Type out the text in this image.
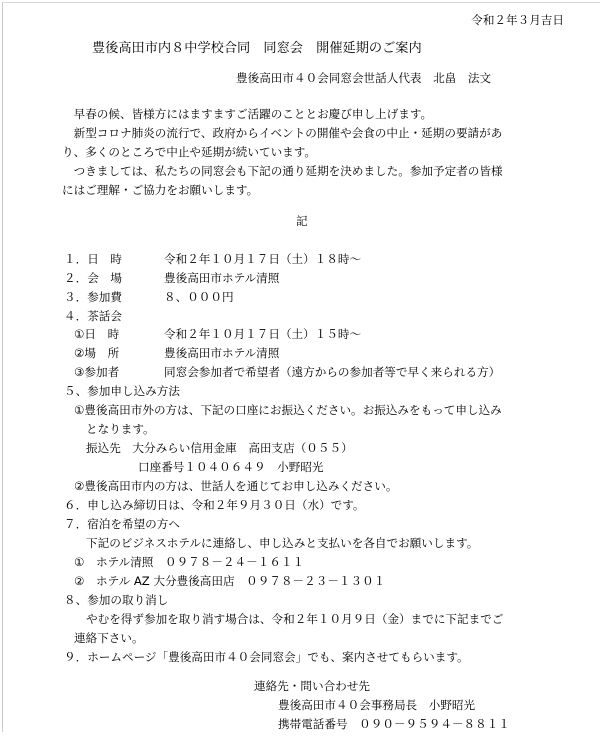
令和２年３月吉日
豊後高田市内８中学校合同　同窓会　開催延期のご案内
豊後高田市４０会同窓会世話人代表　北畠　法文
　早春の候、皆様方にはますますご活躍のこととお慶び申し上げます。
　新型コロナ肺炎の流行で、政府からイベントの開催や会食の中止・延期の要請があ
り、多くのところで中止や延期が続いています。
　つきましては、私たちの同窓会も下記の通り延期を決めました。参加予定者の皆様
にはご理解・ご協力をお願いします。
記
１．日　時	令和２年１０月１７日（土）１８時～
２．会　場	豊後高田市ホテル清照
３．参加費	８、０００円
４．茶話会
①日　時	令和２年１０月１７日（土）１５時～
②場　所	豊後高田市ホテル清照
③参加者	同窓会参加者で希望者（遠方からの参加者等で早く来られる方）
５、参加申し込み方法
①豊後高田市外の方は、下記の口座にお振込ください。お振込みをもって申し込み
となります。
振込先　大分みらい信用金庫　高田支店（０５５）
口座番号１０４０６４９　小野昭光
②豊後高田市内の方は、世話人を通じてお申し込みください。
６．申し込み締切日は、令和２年９月３０日（水）です。
７．宿泊を希望の方へ
下記のビジネスホテルに連絡し、申し込みと支払いを各自でお願いします。
①　ホテル清照　０９７８－２４－１６１１
②　ホテル AZ 大分豊後高田店　０９７８－２３－１３０１
８、参加の取り消し
やむを得ず参加を取り消す場合は、令和２年１０月９日（金）までに下記までご
連絡下さい。
９．ホームページ「豊後高田市４０会同窓会」でも、案内させてもらいます。
連絡先・問い合わせ先
豊後高田市４０会事務局長　小野昭光
携帯電話番号　０９０－９５９４－８８１１
